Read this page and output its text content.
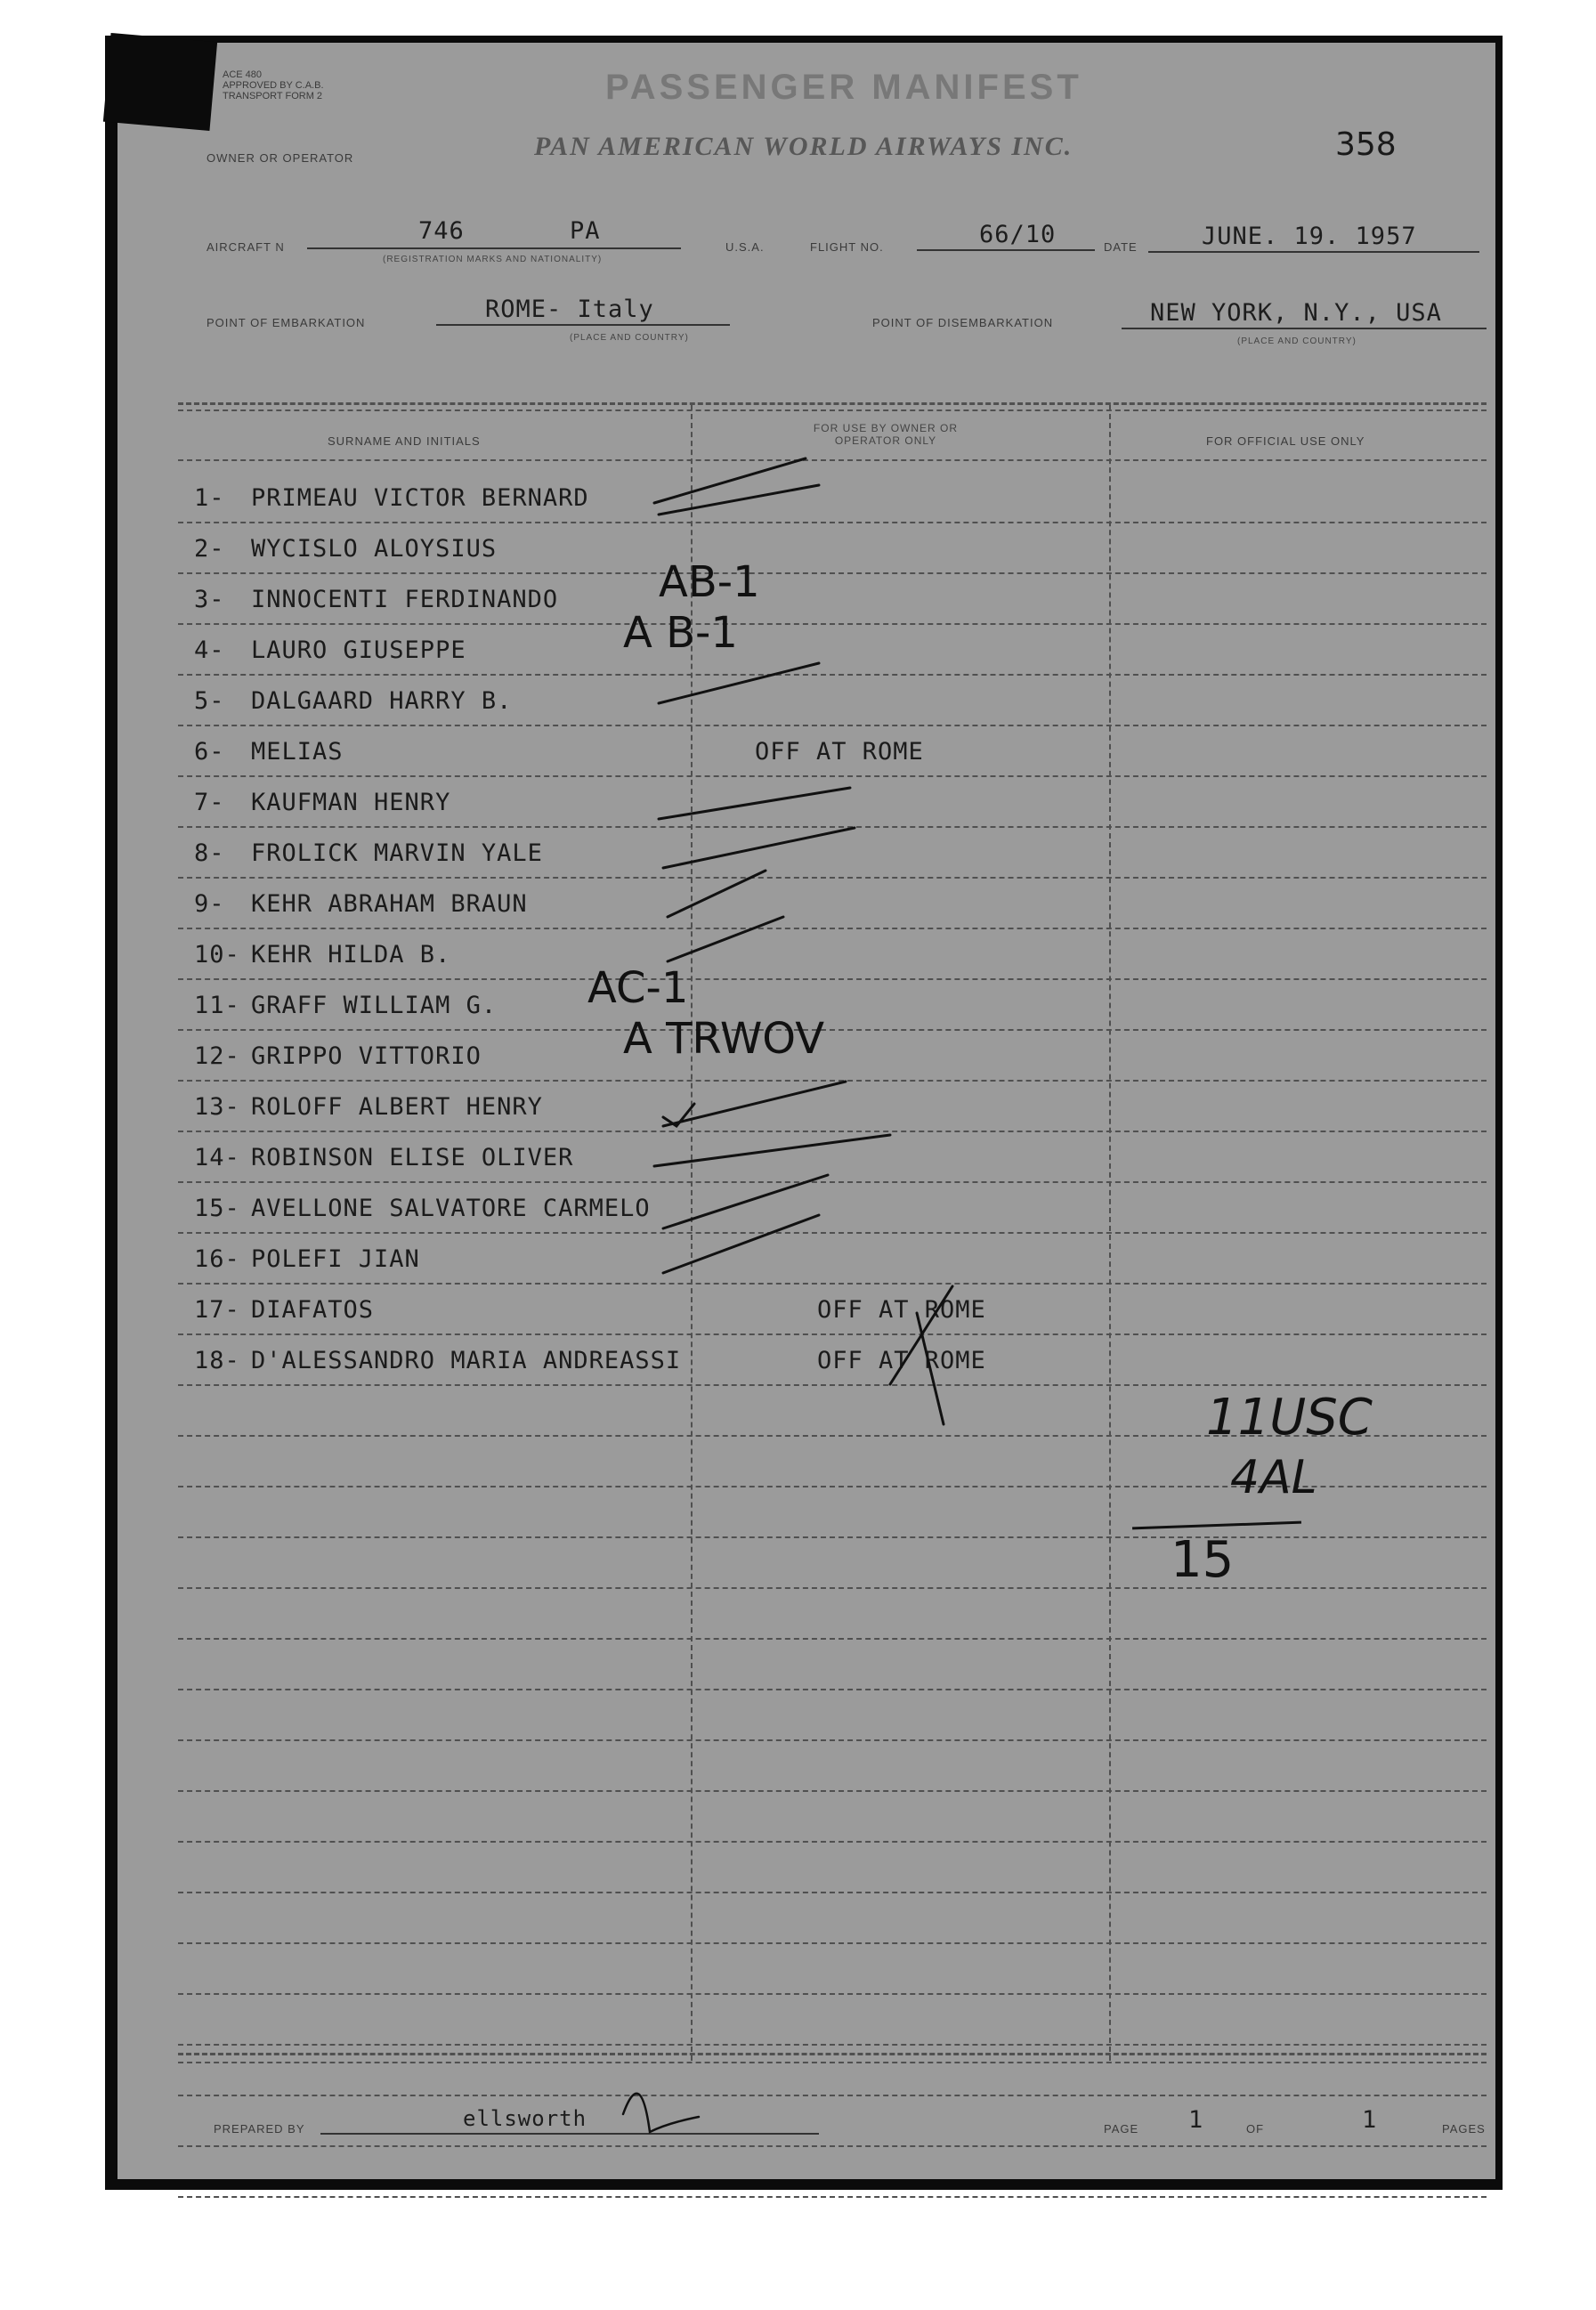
ACE 480
APPROVED BY C.A.B.
TRANSPORT FORM 2	PASSENGER MANIFEST
OWNER OR OPERATOR	PAN AMERICAN WORLD AIRWAYS INC.	358
AIRCRAFT N
746	PA
(REGISTRATION MARKS AND NATIONALITY)
U.S.A.	FLIGHT NO.	66/10	DATE	JUNE. 19. 1957
POINT OF EMBARKATION	ROME- Italy
(PLACE AND COUNTRY)
POINT OF DISEMBARKATION	NEW YORK, N.Y., USA
(PLACE AND COUNTRY)
SURNAME AND INITIALS
FOR USE BY OWNER OR OPERATOR ONLY	FOR OFFICIAL USE ONLY
1-	PRIMEAU VICTOR BERNARD
2-	WYCISLO ALOYSIUS
3-	INNOCENTI FERDINANDO AB-1
4-	LAURO GIUSEPPE	A B-1
5-	DALGAARD HARRY B.
6-	MELIAS	OFF AT ROME
7-	KAUFMAN HENRY
8-	FROLICK MARVIN YALE
9-	KEHR ABRAHAM BRAUN
10- KEHR HILDA B.
11- GRAFF WILLIAM G. AC-1
12- GRIPPO VITTORIO	A TRWOV
13- ROLOFF ALBERT HENRY
14- ROBINSON ELISE OLIVER
15- AVELLONE SALVATORE CARMELO
16- POLEFI JIAN
17- DIAFATOS	OFF AT ROME
18- D'ALESSANDRO MARIA ANDREASSI	OFF AT ROME
11USC
4AL
15
PREPARED BY	ellsworth	PAGE 1	OF	1	PAGES
